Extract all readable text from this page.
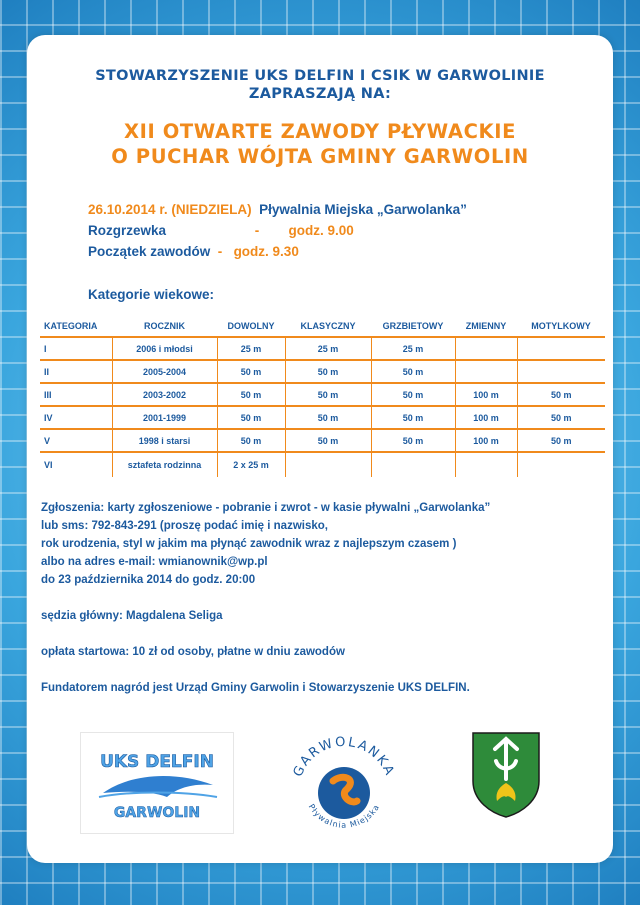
STOWARZYSZENIE UKS DELFIN I CSIK W GARWOLINIE
ZAPRASZAJĄ NA:
XII OTWARTE ZAWODY PŁYWACKIE
O PUCHAR WÓJTA GMINY GARWOLIN
26.10.2014 r. (NIEDZIELA) Pływalnia Miejska „Garwolanka”
Rozgrzewka	- godz. 9.00
Początek zawodów - godz. 9.30
Kategorie wiekowe:
KATEGORIA	ROCZNIK	DOWOLNY	KLASYCZNY	GRZBIETOWY	ZMIENNY	MOTYLKOWY
I	2006 i młodsi	25 m	25 m	25 m		
II	2005-2004	50 m	50 m	50 m		
III	2003-2002	50 m	50 m	50 m	100 m	50 m
IV	2001-1999	50 m	50 m	50 m	100 m	50 m
V	1998 i starsi	50 m	50 m	50 m	100 m	50 m
VI	sztafeta rodzinna	2 x 25 m				
Zgłoszenia: karty zgłoszeniowe - pobranie i zwrot - w kasie pływalni „Garwolanka”
lub sms: 792-843-291 (proszę podać imię i nazwisko,
rok urodzenia, styl w jakim ma płynąć zawodnik wraz z najlepszym czasem )
albo na adres e-mail: wmianownik@wp.pl
do 23 października 2014 do godz. 20:00
sędzia główny: Magdalena Seliga
opłata startowa: 10 zł od osoby, płatne w dniu zawodów
Fundatorem nagród jest Urząd Gminy Garwolin i Stowarzyszenie UKS DELFIN.
UKS DELFIN
GARWOLIN
GARWOLANKA
Pływalnia Miejska
